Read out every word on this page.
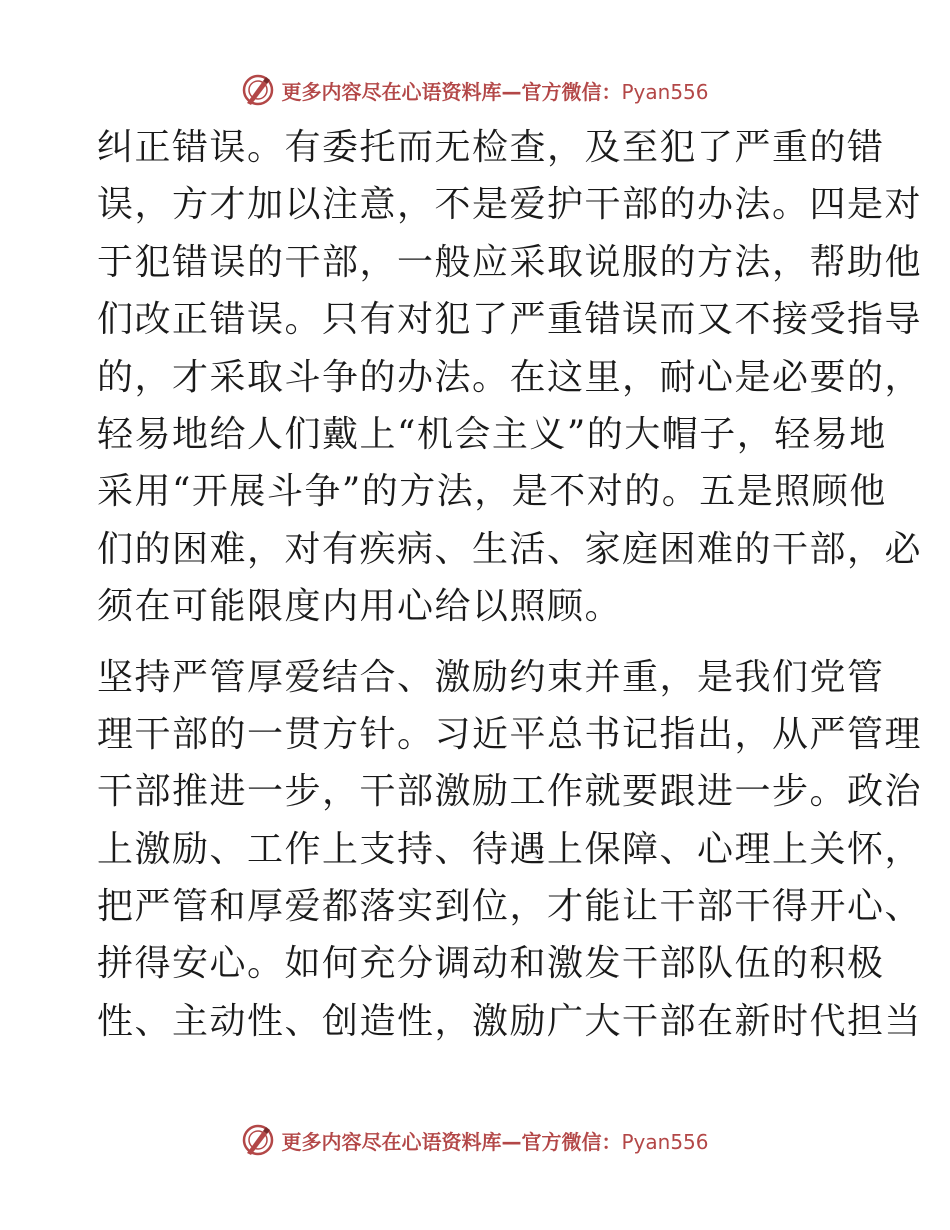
更多内容尽在心语资料库—官方微信：Pyan556

纠正错误。有委托而无检查，及至犯了严重的错
误，方才加以注意，不是爱护干部的办法。四是对
于犯错误的干部，一般应采取说服的方法，帮助他
们改正错误。只有对犯了严重错误而又不接受指导
的，才采取斗争的办法。在这里，耐心是必要的，
轻易地给人们戴上“机会主义”的大帽子，轻易地
采用“开展斗争”的方法，是不对的。五是照顾他
们的困难，对有疾病、生活、家庭困难的干部，必
须在可能限度内用心给以照顾。

坚持严管厚爱结合、激励约束并重，是我们党管
理干部的一贯方针。习近平总书记指出，从严管理
干部推进一步，干部激励工作就要跟进一步。政治
上激励、工作上支持、待遇上保障、心理上关怀，
把严管和厚爱都落实到位，才能让干部干得开心、
拼得安心。如何充分调动和激发干部队伍的积极
性、主动性、创造性，激励广大干部在新时代担当

更多内容尽在心语资料库—官方微信：Pyan556
